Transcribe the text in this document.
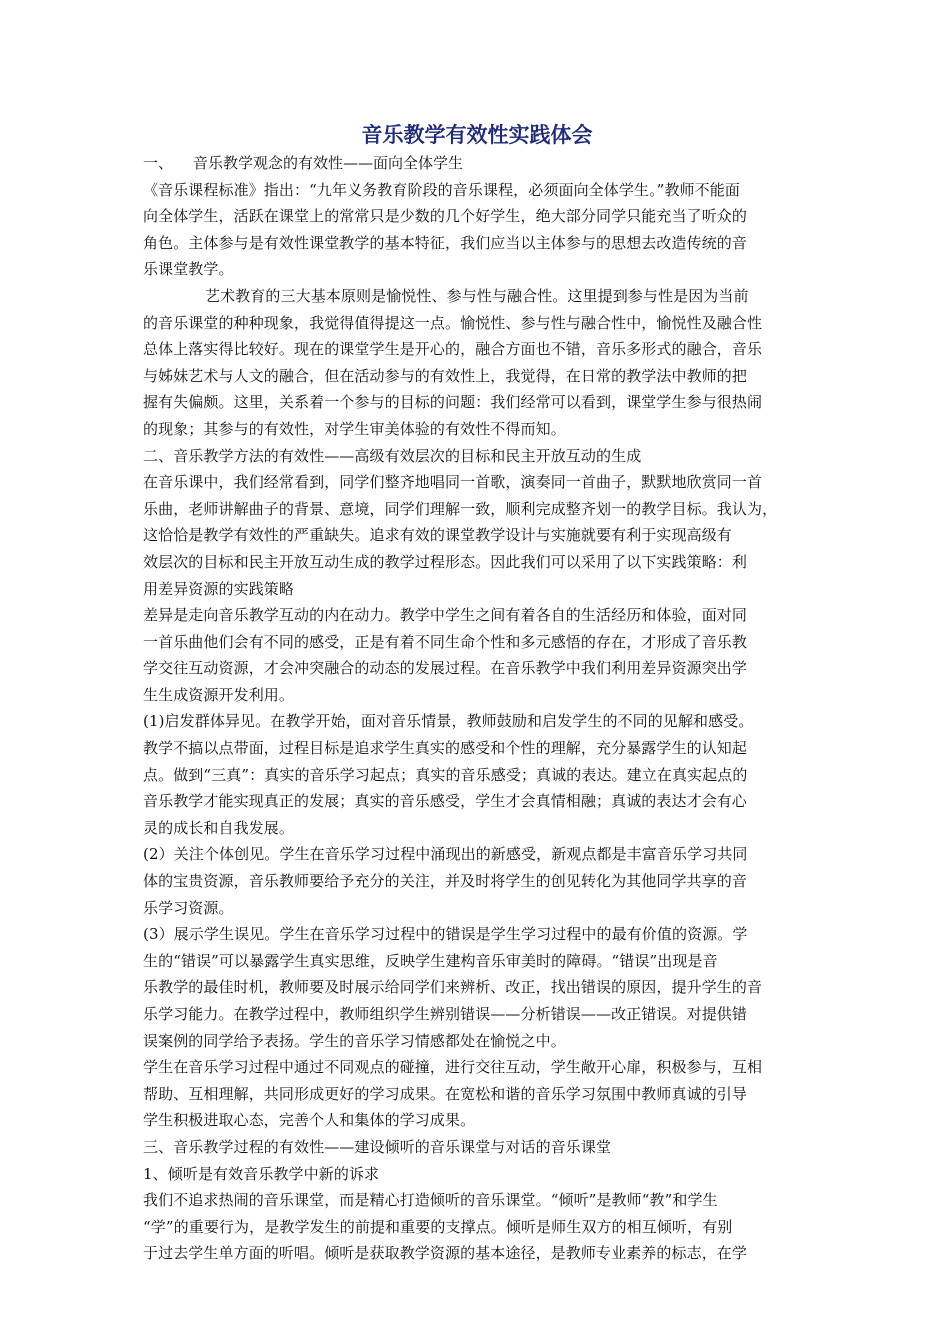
音乐教学有效性实践体会
一、 音乐教学观念的有效性——面向全体学生
《音乐课程标准》指出：“九年义务教育阶段的音乐课程，必须面向全体学生。”教师不能面
向全体学生，活跃在课堂上的常常只是少数的几个好学生，绝大部分同学只能充当了听众的
角色。主体参与是有效性课堂教学的基本特征，我们应当以主体参与的思想去改造传统的音
乐课堂教学。
艺术教育的三大基本原则是愉悦性、参与性与融合性。这里提到参与性是因为当前
的音乐课堂的种种现象，我觉得值得提这一点。愉悦性、参与性与融合性中，愉悦性及融合性
总体上落实得比较好。现在的课堂学生是开心的，融合方面也不错，音乐多形式的融合，音乐
与姊妹艺术与人文的融合，但在活动参与的有效性上，我觉得，在日常的教学法中教师的把
握有失偏颇。这里，关系着一个参与的目标的问题：我们经常可以看到，课堂学生参与很热闹
的现象；其参与的有效性，对学生审美体验的有效性不得而知。
二、音乐教学方法的有效性——高级有效层次的目标和民主开放互动的生成
在音乐课中，我们经常看到，同学们整齐地唱同一首歌，演奏同一首曲子，默默地欣赏同一首
乐曲，老师讲解曲子的背景、意境，同学们理解一致，顺利完成整齐划一的教学目标。我认为，
这恰恰是教学有效性的严重缺失。追求有效的课堂教学设计与实施就要有利于实现高级有
效层次的目标和民主开放互动生成的教学过程形态。因此我们可以采用了以下实践策略：利
用差异资源的实践策略
差异是走向音乐教学互动的内在动力。教学中学生之间有着各自的生活经历和体验，面对同
一首乐曲他们会有不同的感受，正是有着不同生命个性和多元感悟的存在，才形成了音乐教
学交往互动资源，才会冲突融合的动态的发展过程。在音乐教学中我们利用差异资源突出学
生生成资源开发利用。
(1)启发群体异见。在教学开始，面对音乐情景，教师鼓励和启发学生的不同的见解和感受。
教学不搞以点带面，过程目标是追求学生真实的感受和个性的理解，充分暴露学生的认知起
点。做到“三真”：真实的音乐学习起点；真实的音乐感受；真诚的表达。建立在真实起点的
音乐教学才能实现真正的发展；真实的音乐感受，学生才会真情相融；真诚的表达才会有心
灵的成长和自我发展。
(2）关注个体创见。学生在音乐学习过程中涌现出的新感受，新观点都是丰富音乐学习共同
体的宝贵资源，音乐教师要给予充分的关注，并及时将学生的创见转化为其他同学共享的音
乐学习资源。
(3）展示学生误见。学生在音乐学习过程中的错误是学生学习过程中的最有价值的资源。学
生的“错误”可以暴露学生真实思维，反映学生建构音乐审美时的障碍。“错误”出现是音
乐教学的最佳时机，教师要及时展示给同学们来辨析、改正，找出错误的原因，提升学生的音
乐学习能力。在教学过程中，教师组织学生辨别错误——分析错误——改正错误。对提供错
误案例的同学给予表扬。学生的音乐学习情感都处在愉悦之中。
学生在音乐学习过程中通过不同观点的碰撞，进行交往互动，学生敞开心扉，积极参与，互相
帮助、互相理解，共同形成更好的学习成果。在宽松和谐的音乐学习氛围中教师真诚的引导
学生积极进取心态，完善个人和集体的学习成果。
三、音乐教学过程的有效性——建设倾听的音乐课堂与对话的音乐课堂
1、倾听是有效音乐教学中新的诉求
我们不追求热闹的音乐课堂，而是精心打造倾听的音乐课堂。“倾听”是教师“教”和学生
“学”的重要行为，是教学发生的前提和重要的支撑点。倾听是师生双方的相互倾听，有别
于过去学生单方面的听唱。倾听是获取教学资源的基本途径，是教师专业素养的标志，在学
